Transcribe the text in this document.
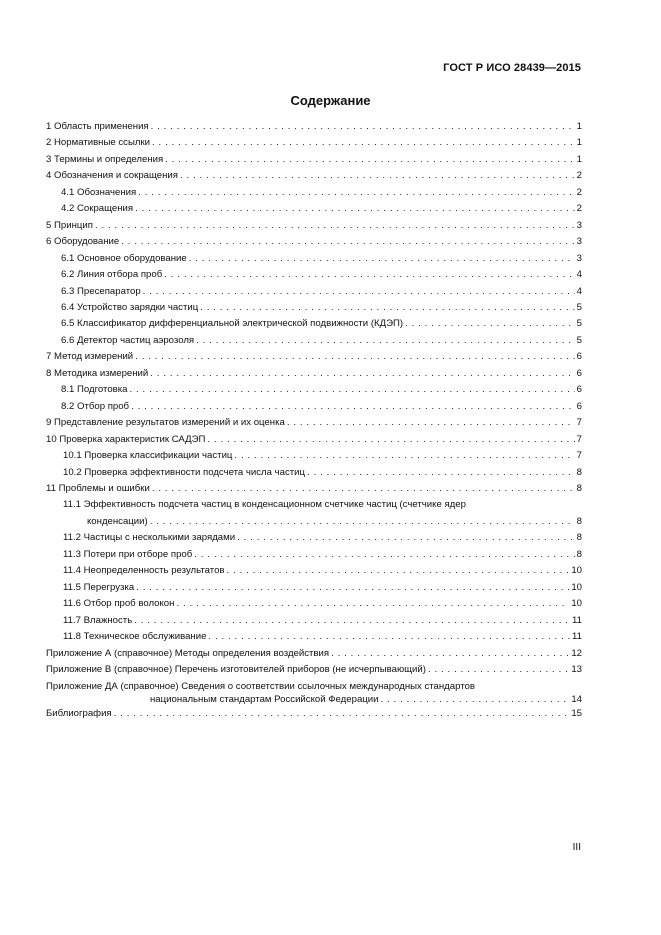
ГОСТ Р ИСО 28439—2015
Содержание
1 Область применения . . .	1
2 Нормативные ссылки . . .	1
3 Термины и определения . . .	1
4 Обозначения и сокращения . . .	2
4.1 Обозначения . . .	2
4.2 Сокращения . . .	2
5 Принцип . . .	3
6 Оборудование . . .	3
6.1 Основное оборудование . . .	3
6.2 Линия отбора проб . . .	4
6.3 Пресепаратор . . .	4
6.4 Устройство зарядки частиц . . .	5
6.5 Классификатор дифференциальной электрической подвижности (КДЭП) . . .	5
6.6 Детектор частиц аэрозоля . . .	5
7 Метод измерений . . .	6
8 Методика измерений . . .	6
8.1 Подготовка . . .	6
8.2 Отбор проб . . .	6
9 Представление результатов измерений и их оценка . . .	7
10 Проверка характеристик САДЭП . . .	7
10.1 Проверка классификации частиц . . .	7
10.2 Проверка эффективности подсчета числа частиц . . .	8
11 Проблемы и ошибки . . .	8
11.1 Эффективность подсчета частиц в конденсационном счетчике частиц (счетчике ядер
конденсации) . . .	8
11.2 Частицы с несколькими зарядами . . .	8
11.3 Потери при отборе проб . . .	8
11.4 Неопределенность результатов . . .	10
11.5 Перегрузка . . .	10
11.6 Отбор проб волокон . . .	10
11.7 Влажность . . .	11
11.8 Техническое обслуживание . . .	11
Приложение А (справочное) Методы определения воздействия . . .	12
Приложение В (справочное) Перечень изготовителей приборов (не исчерпывающий) . . .	13
Приложение ДА (справочное) Сведения о соответствии ссылочных международных стандартов
национальным стандартам Российской Федерации . . .	14
Библиография . . .	15
III
